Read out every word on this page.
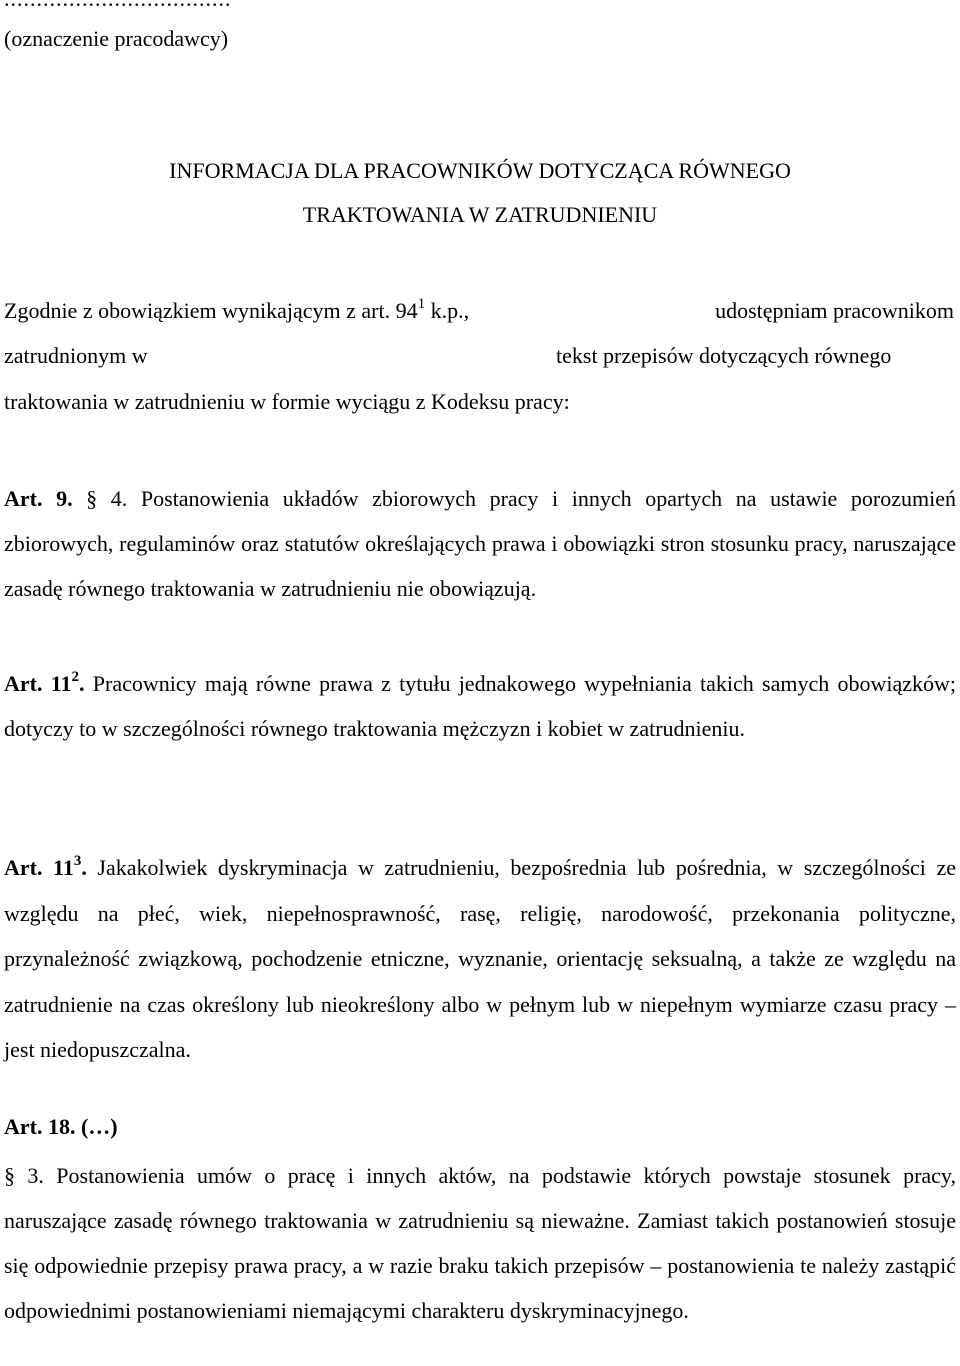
(oznaczenie pracodawcy)
INFORMACJA DLA PRACOWNIKÓW DOTYCZĄCA RÓWNEGO
TRAKTOWANIA W ZATRUDNIENIU
Zgodnie z obowiązkiem wynikającym z art. $94^1$ k.p.,	udostępniam pracownikom
zatrudnionym w	tekst przepisów dotyczących równego
traktowania w zatrudnieniu w formie wyciągu z Kodeksu pracy:
Art. 9. § 4. Postanowienia układów zbiorowych pracy i innych opartych na ustawie porozumień zbiorowych, regulaminów oraz statutów określających prawa i obowiązki stron stosunku pracy, naruszające zasadę równego traktowania w zatrudnieniu nie obowiązują.
Art. $11^2$. Pracownicy mają równe prawa z tytułu jednakowego wypełniania takich samych obowiązków; dotyczy to w szczególności równego traktowania mężczyzn i kobiet w zatrudnieniu.
Art. $11^3$. Jakakolwiek dyskryminacja w zatrudnieniu, bezpośrednia lub pośrednia, w szczególności ze względu na płeć, wiek, niepełnosprawność, rasę, religię, narodowość, przekonania polityczne, przynależność związkową, pochodzenie etniczne, wyznanie, orientację seksualną, a także ze względu na zatrudnienie na czas określony lub nieokreślony albo w pełnym lub w niepełnym wymiarze czasu pracy – jest niedopuszczalna.
Art. 18. (…)
§ 3. Postanowienia umów o pracę i innych aktów, na podstawie których powstaje stosunek pracy, naruszające zasadę równego traktowania w zatrudnieniu są nieważne. Zamiast takich postanowień stosuje się odpowiednie przepisy prawa pracy, a w razie braku takich przepisów – postanowienia te należy zastąpić odpowiednimi postanowieniami niemającymi charakteru dyskryminacyjnego.
